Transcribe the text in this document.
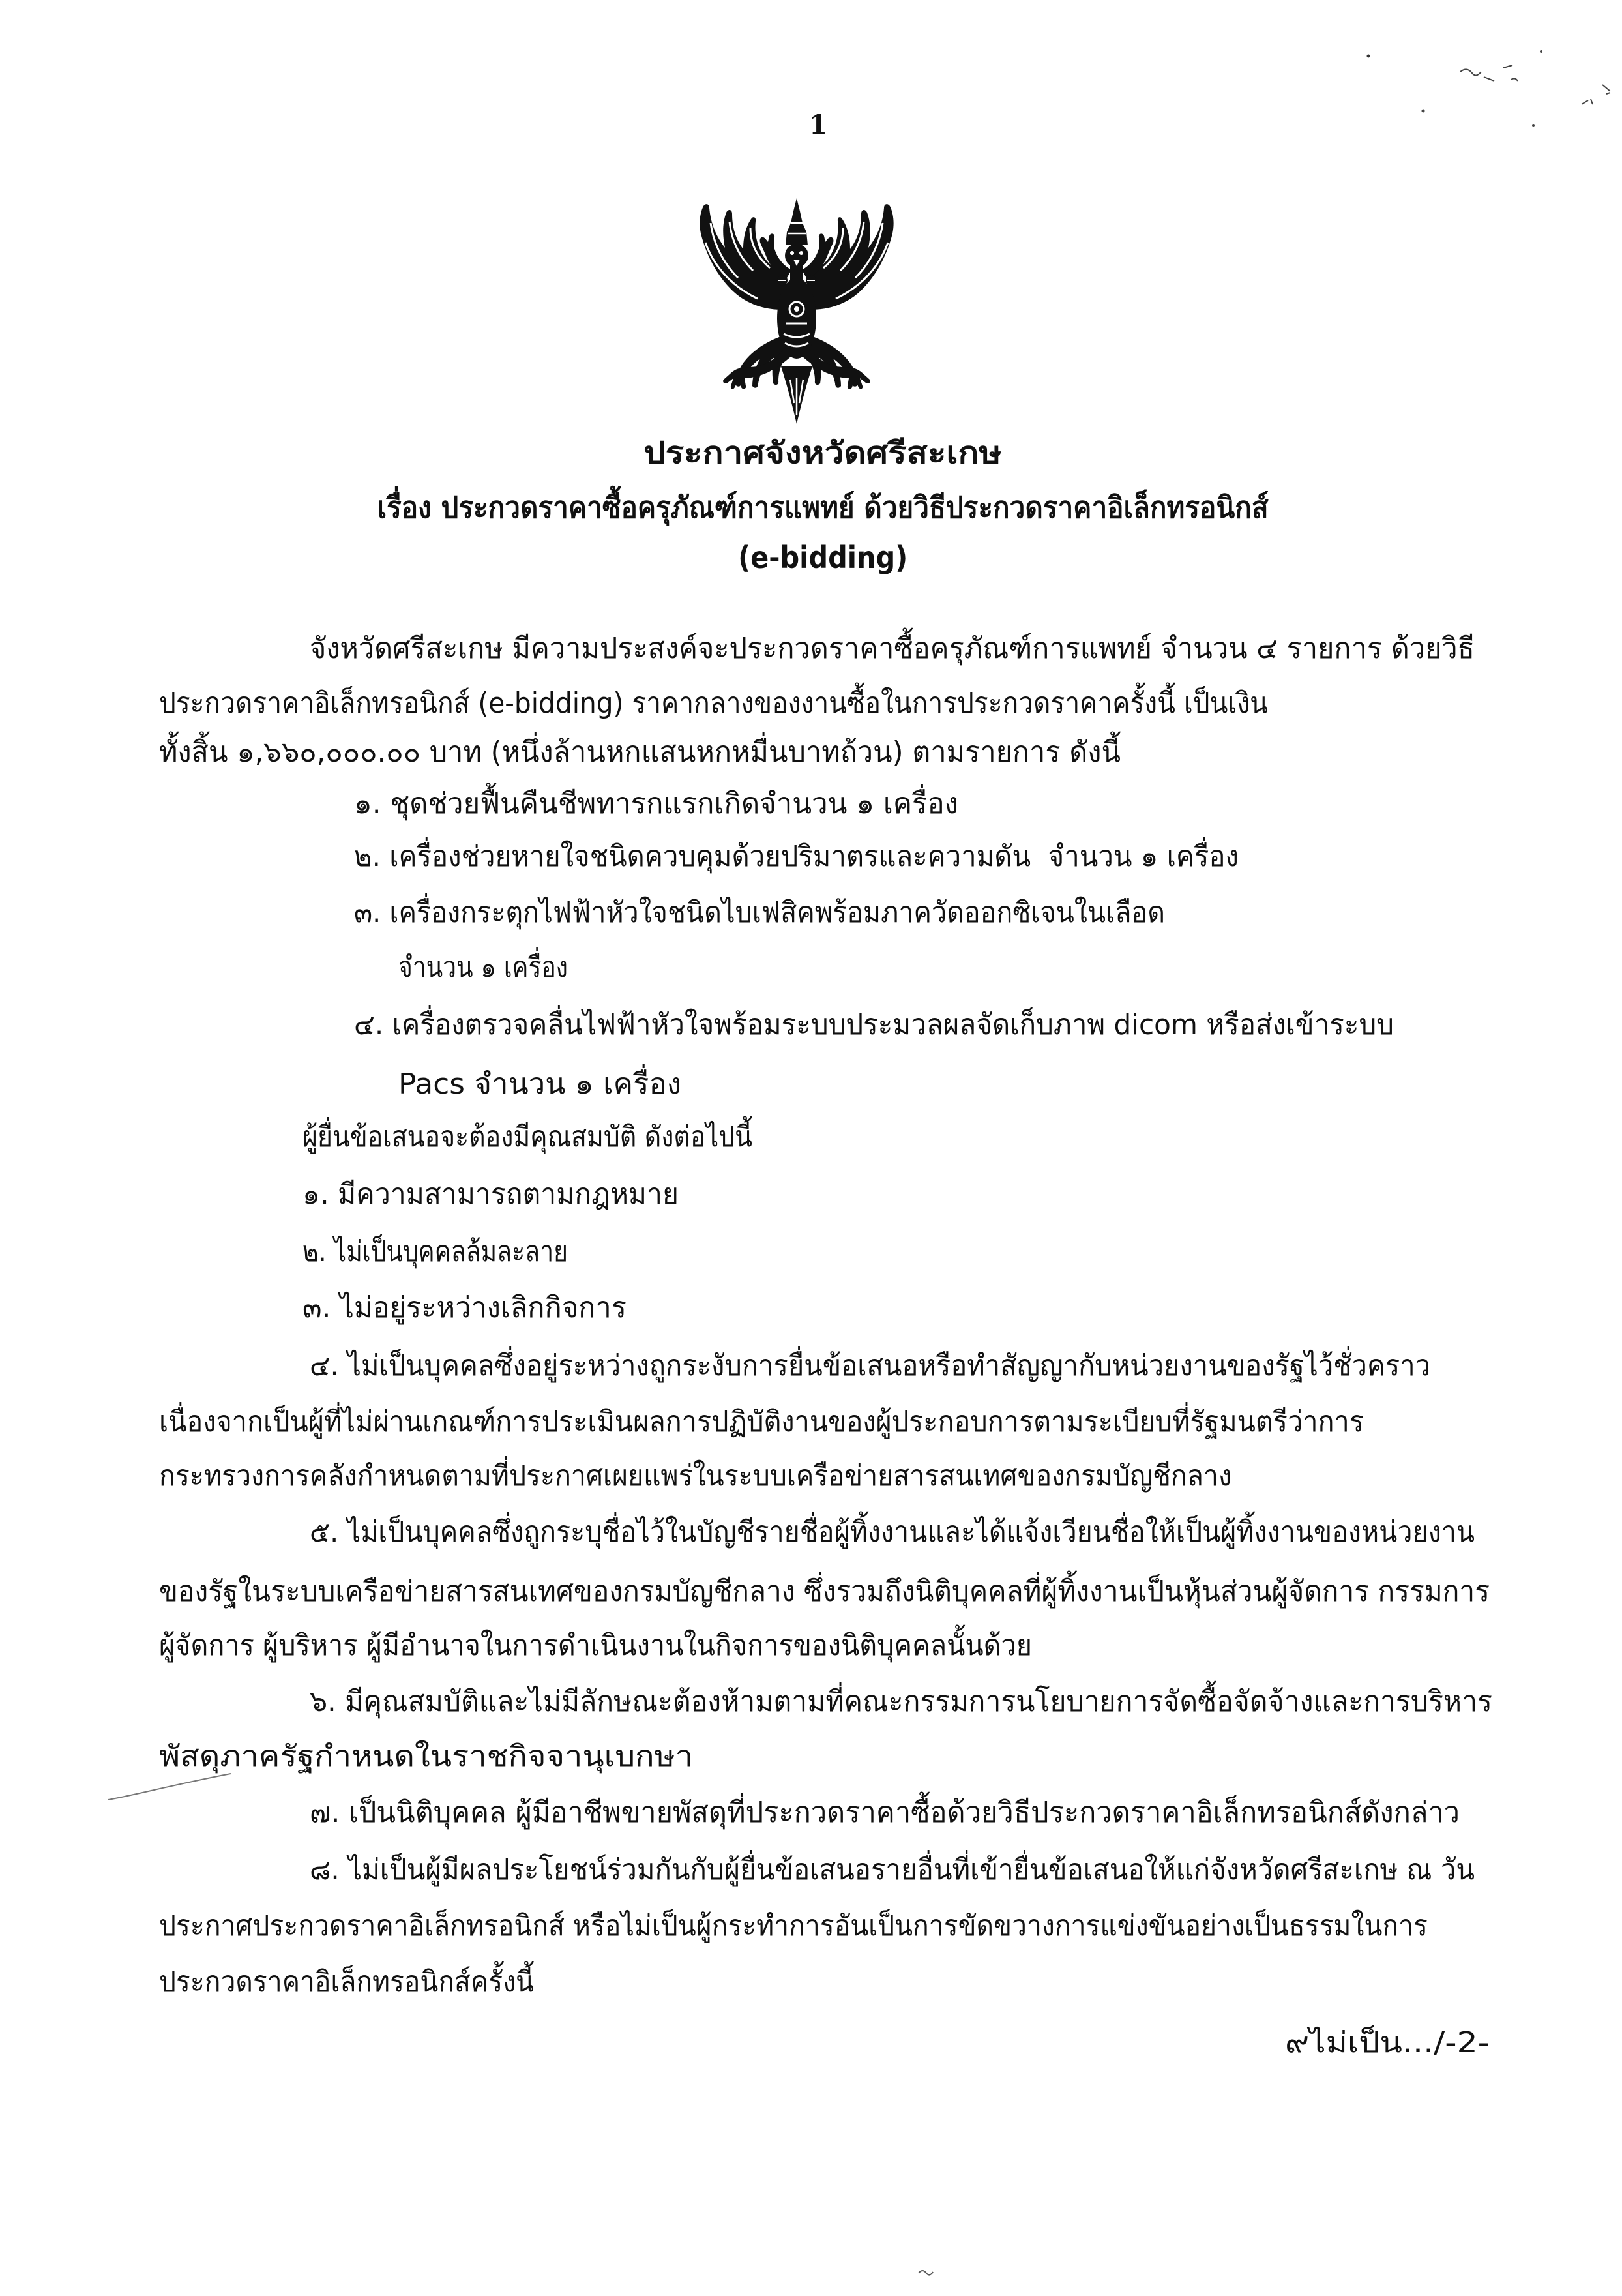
1
ประกาศจังหวัดศรีสะเกษ
เรื่อง ประกวดราคาซื้อครุภัณฑ์การแพทย์ ด้วยวิธีประกวดราคาอิเล็กทรอนิกส์
(e-bidding)
จังหวัดศรีสะเกษ มีความประสงค์จะประกวดราคาซื้อครุภัณฑ์การแพทย์ จำนวน ๔ รายการ ด้วยวิธี
ประกวดราคาอิเล็กทรอนิกส์ (e-bidding) ราคากลางของงานซื้อในการประกวดราคาครั้งนี้ เป็นเงิน
ทั้งสิ้น ๑,๖๖๐,๐๐๐.๐๐ บาท (หนึ่งล้านหกแสนหกหมื่นบาทถ้วน) ตามรายการ ดังนี้
๑. ชุดช่วยฟื้นคืนชีพทารกแรกเกิดจำนวน ๑ เครื่อง
๒. เครื่องช่วยหายใจชนิดควบคุมด้วยปริมาตรและความดัน  จำนวน ๑ เครื่อง
๓. เครื่องกระตุกไฟฟ้าหัวใจชนิดไบเฟสิคพร้อมภาควัดออกซิเจนในเลือด
จำนวน ๑ เครื่อง
๔. เครื่องตรวจคลื่นไฟฟ้าหัวใจพร้อมระบบประมวลผลจัดเก็บภาพ dicom หรือส่งเข้าระบบ
Pacs จำนวน ๑ เครื่อง
ผู้ยื่นข้อเสนอจะต้องมีคุณสมบัติ ดังต่อไปนี้
๑. มีความสามารถตามกฎหมาย
๒. ไม่เป็นบุคคลล้มละลาย
๓. ไม่อยู่ระหว่างเลิกกิจการ
๔. ไม่เป็นบุคคลซึ่งอยู่ระหว่างถูกระงับการยื่นข้อเสนอหรือทำสัญญากับหน่วยงานของรัฐไว้ชั่วคราว
เนื่องจากเป็นผู้ที่ไม่ผ่านเกณฑ์การประเมินผลการปฏิบัติงานของผู้ประกอบการตามระเบียบที่รัฐมนตรีว่าการ
กระทรวงการคลังกำหนดตามที่ประกาศเผยแพร่ในระบบเครือข่ายสารสนเทศของกรมบัญชีกลาง
๕. ไม่เป็นบุคคลซึ่งถูกระบุชื่อไว้ในบัญชีรายชื่อผู้ทิ้งงานและได้แจ้งเวียนชื่อให้เป็นผู้ทิ้งงานของหน่วยงาน
ของรัฐในระบบเครือข่ายสารสนเทศของกรมบัญชีกลาง ซึ่งรวมถึงนิติบุคคลที่ผู้ทิ้งงานเป็นหุ้นส่วนผู้จัดการ กรรมการ
ผู้จัดการ ผู้บริหาร ผู้มีอำนาจในการดำเนินงานในกิจการของนิติบุคคลนั้นด้วย
๖. มีคุณสมบัติและไม่มีลักษณะต้องห้ามตามที่คณะกรรมการนโยบายการจัดซื้อจัดจ้างและการบริหาร
พัสดุภาครัฐกำหนดในราชกิจจานุเบกษา
๗. เป็นนิติบุคคล ผู้มีอาชีพขายพัสดุที่ประกวดราคาซื้อด้วยวิธีประกวดราคาอิเล็กทรอนิกส์ดังกล่าว
๘. ไม่เป็นผู้มีผลประโยชน์ร่วมกันกับผู้ยื่นข้อเสนอรายอื่นที่เข้ายื่นข้อเสนอให้แก่จังหวัดศรีสะเกษ ณ วัน
ประกาศประกวดราคาอิเล็กทรอนิกส์ หรือไม่เป็นผู้กระทำการอันเป็นการขัดขวางการแข่งขันอย่างเป็นธรรมในการ
ประกวดราคาอิเล็กทรอนิกส์ครั้งนี้
๙ไม่เป็น.../-2-
